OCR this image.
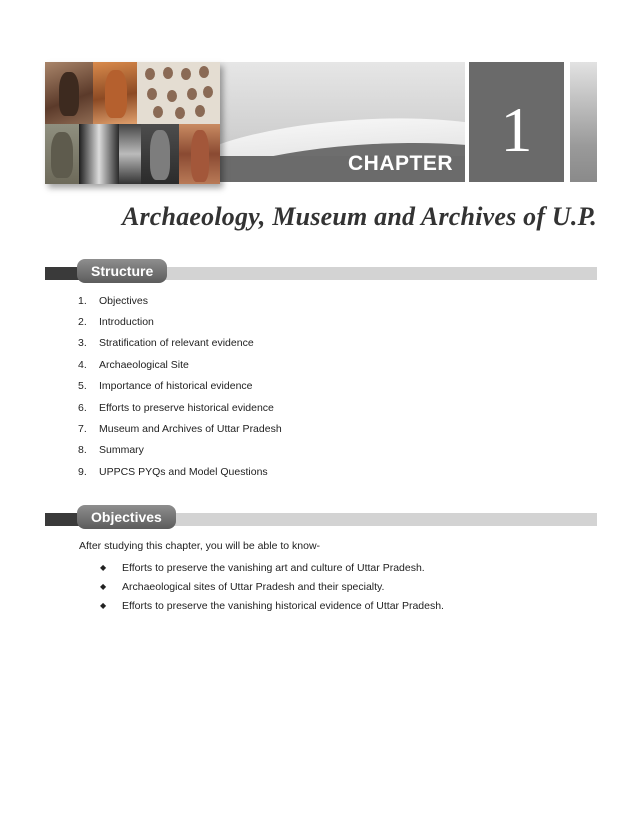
CHAPTER 1
Archaeology, Museum and Archives of U.P.
Structure
1.	Objectives
2.	Introduction
3.	Stratification of relevant evidence
4.	Archaeological Site
5.	Importance of historical evidence
6.	Efforts to preserve historical evidence
7.	Museum and Archives of Uttar Pradesh
8.	Summary
9.	UPPCS PYQs and Model Questions
Objectives
After studying this chapter, you will be able to know-
◆	Efforts to preserve the vanishing art and culture of Uttar Pradesh.
◆	Archaeological sites of Uttar Pradesh and their specialty.
◆	Efforts to preserve the vanishing historical evidence of Uttar Pradesh.
